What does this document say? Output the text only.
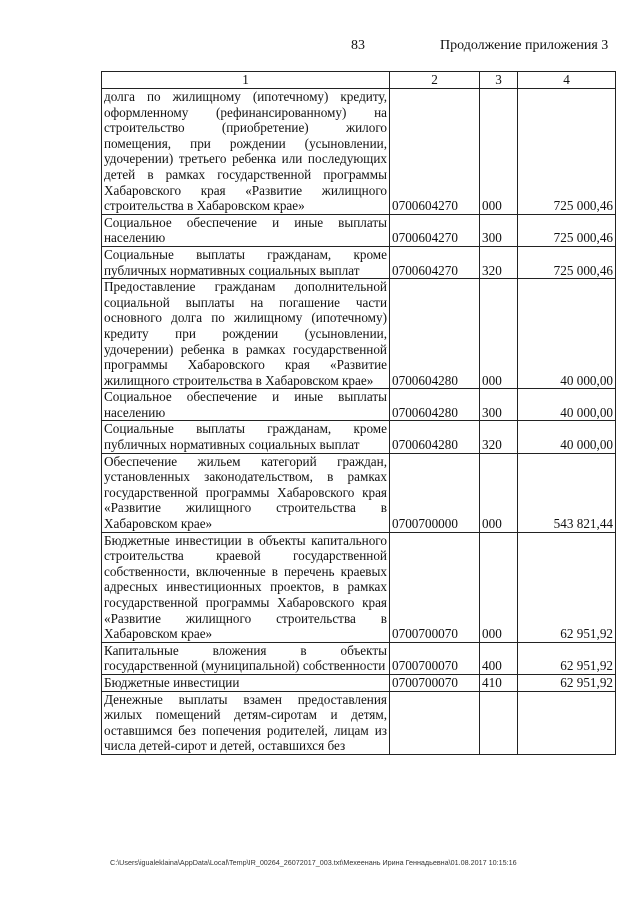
83	Продолжение приложения 3
1	2	3	4
долга по жилищному (ипотечному) кредиту, оформленному (рефинансированному) на строительство (приобретение) жилого помещения, при рождении (усыновлении, удочерении) третьего ребенка или последующих детей в рамках государственной программы Хабаровского края «Развитие жилищного строительства в Хабаровском крае»	0700604270	000	725 000,46
Социальное обеспечение и иные выплаты населению	0700604270	300	725 000,46
Социальные выплаты гражданам, кроме публичных нормативных социальных выплат	0700604270	320	725 000,46
Предоставление гражданам дополнительной социальной выплаты на погашение части основного долга по жилищному (ипотечному) кредиту при рождении (усыновлении, удочерении) ребенка в рамках государственной программы Хабаровского края «Развитие жилищного строительства в Хабаровском крае»	0700604280	000	40 000,00
Социальное обеспечение и иные выплаты населению	0700604280	300	40 000,00
Социальные выплаты гражданам, кроме публичных нормативных социальных выплат	0700604280	320	40 000,00
Обеспечение жильем категорий граждан, установленных законодательством, в рамках государственной программы Хабаровского края «Развитие жилищного строительства в Хабаровском крае»	0700700000	000	543 821,44
Бюджетные инвестиции в объекты капитального строительства краевой государственной собственности, включенные в перечень краевых адресных инвестиционных проектов, в рамках государственной программы Хабаровского края «Развитие жилищного строительства в Хабаровском крае»	0700700070	000	62 951,92
Капитальные вложения в объекты государственной (муниципальной) собственности	0700700070	400	62 951,92
Бюджетные инвестиции	0700700070	410	62 951,92
Денежные выплаты взамен предоставления жилых помещений детям-сиротам и детям, оставшимся без попечения родителей, лицам из числа детей-сирот и детей, оставшихся без			
C:\Users\igualeklaina\AppData\Local\Temp\IR_00264_26072017_003.txt\Мехеенань Ирина Геннадьевна\01.08.2017 10:15:16
